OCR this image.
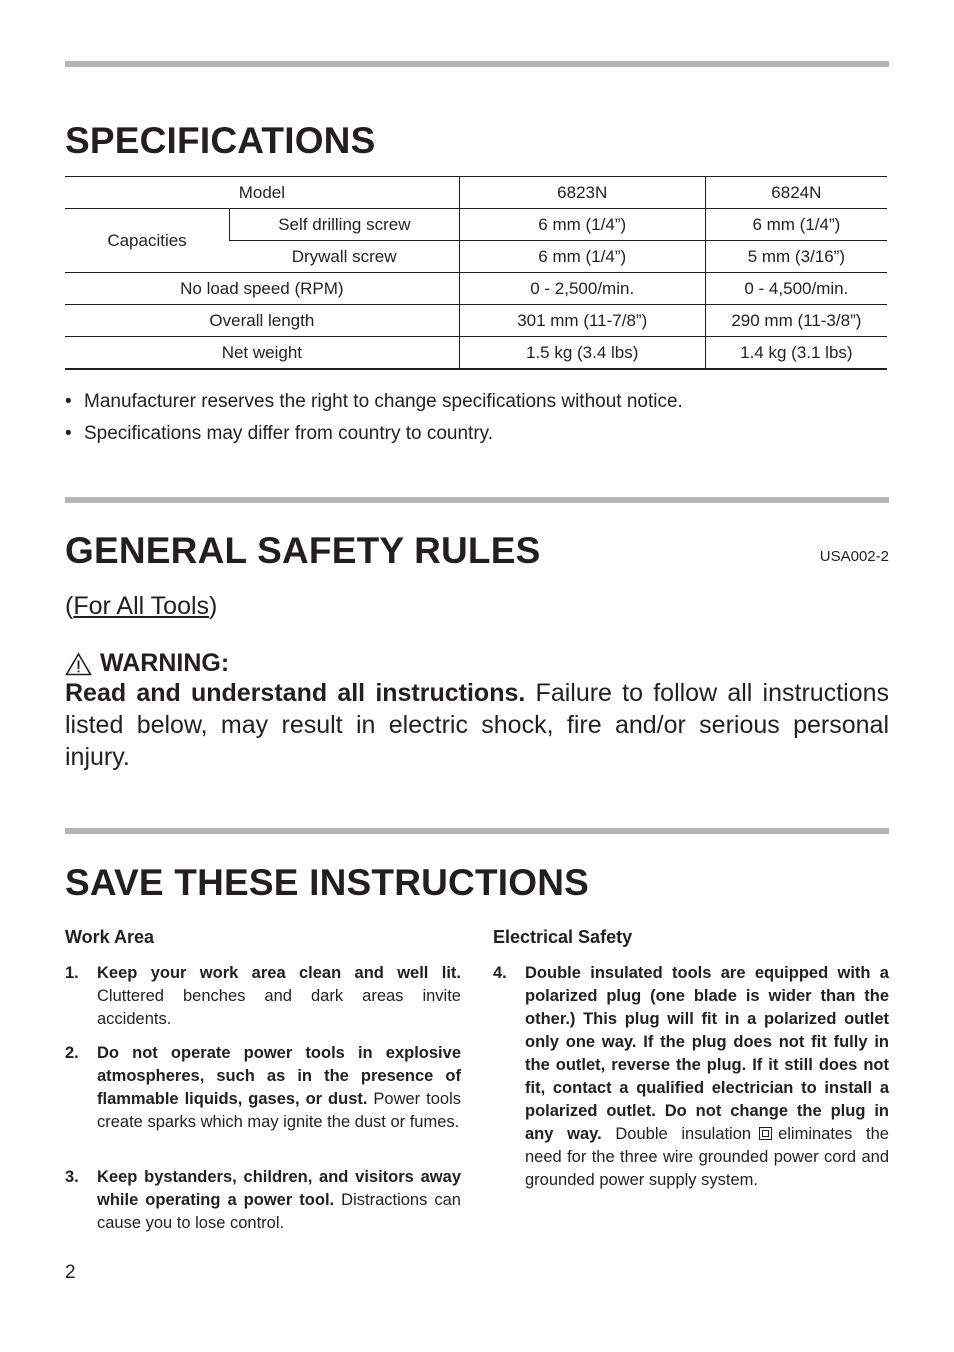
SPECIFICATIONS
Model		6823N	6824N
Capacities	Self drilling screw	6 mm (1/4”)	6 mm (1/4”)
	Drywall screw	6 mm (1/4”)	5 mm (3/16”)
No load speed (RPM)		0 - 2,500/min.	0 - 4,500/min.
Overall length		301 mm (11-7/8”)	290 mm (11-3/8”)
Net weight		1.5 kg (3.4 lbs)	1.4 kg (3.1 lbs)
• Manufacturer reserves the right to change specifications without notice.
• Specifications may differ from country to country.
GENERAL SAFETY RULES	USA002-2
(For All Tools)
WARNING:
Read and understand all instructions. Failure to follow all instructions listed below, may result in electric shock, fire and/or serious personal injury.
SAVE THESE INSTRUCTIONS
Work Area
1. Keep your work area clean and well lit. Cluttered benches and dark areas invite accidents.
2. Do not operate power tools in explosive atmospheres, such as in the presence of flammable liquids, gases, or dust. Power tools create sparks which may ignite the dust or fumes.
3. Keep bystanders, children, and visitors away while operating a power tool. Distractions can cause you to lose control.
Electrical Safety
4. Double insulated tools are equipped with a polarized plug (one blade is wider than the other.) This plug will fit in a polarized outlet only one way. If the plug does not fit fully in the outlet, reverse the plug. If it still does not fit, contact a qualified electrician to install a polarized outlet. Do not change the plug in any way. Double insulation eliminates the need for the three wire grounded power cord and grounded power supply system.
2
